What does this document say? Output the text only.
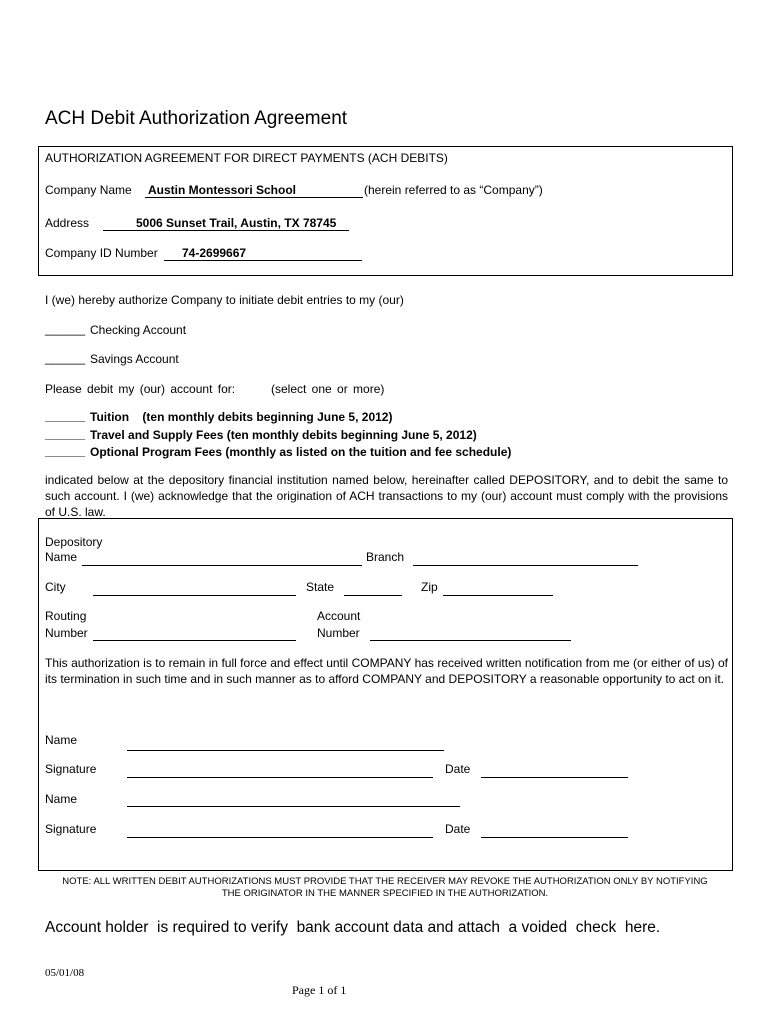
ACH Debit Authorization Agreement
AUTHORIZATION AGREEMENT FOR DIRECT PAYMENTS (ACH DEBITS)
Company Name Austin Montessori School	(herein referred to as “Company”)
Address	5006 Sunset Trail, Austin, TX 78745
Company ID Number 74-2699667
I (we) hereby authorize Company to initiate debit entries to my (our)
______ Checking Account
______ Savings Account
Please debit my (our) account for:	(select one or more)
______ Tuition    (ten monthly debits beginning June 5, 2012)
______ Travel and Supply Fees (ten monthly debits beginning June 5, 2012)
______ Optional Program Fees (monthly as listed on the tuition and fee schedule)
indicated below at the depository financial institution named below, hereinafter called DEPOSITORY, and to debit the same to such account. I (we) acknowledge that the origination of ACH transactions to my (our) account must comply with the provisions of U.S. law.
Depository
Name	Branch
City	State	Zip
Routing
Number
Account
Number
This authorization is to remain in full force and effect until COMPANY has received written notification from me (or either of us) of its termination in such time and in such manner as to afford COMPANY and DEPOSITORY a reasonable opportunity to act on it.
Name
Signature	Date
Name
Signature	Date
NOTE: ALL WRITTEN DEBIT AUTHORIZATIONS MUST PROVIDE THAT THE RECEIVER MAY REVOKE THE AUTHORIZATION ONLY BY NOTIFYING THE ORIGINATOR IN THE MANNER SPECIFIED IN THE AUTHORIZATION.
Account holder  is required to verify  bank account data and attach  a voided  check  here.
05/01/08
Page 1 of 1
